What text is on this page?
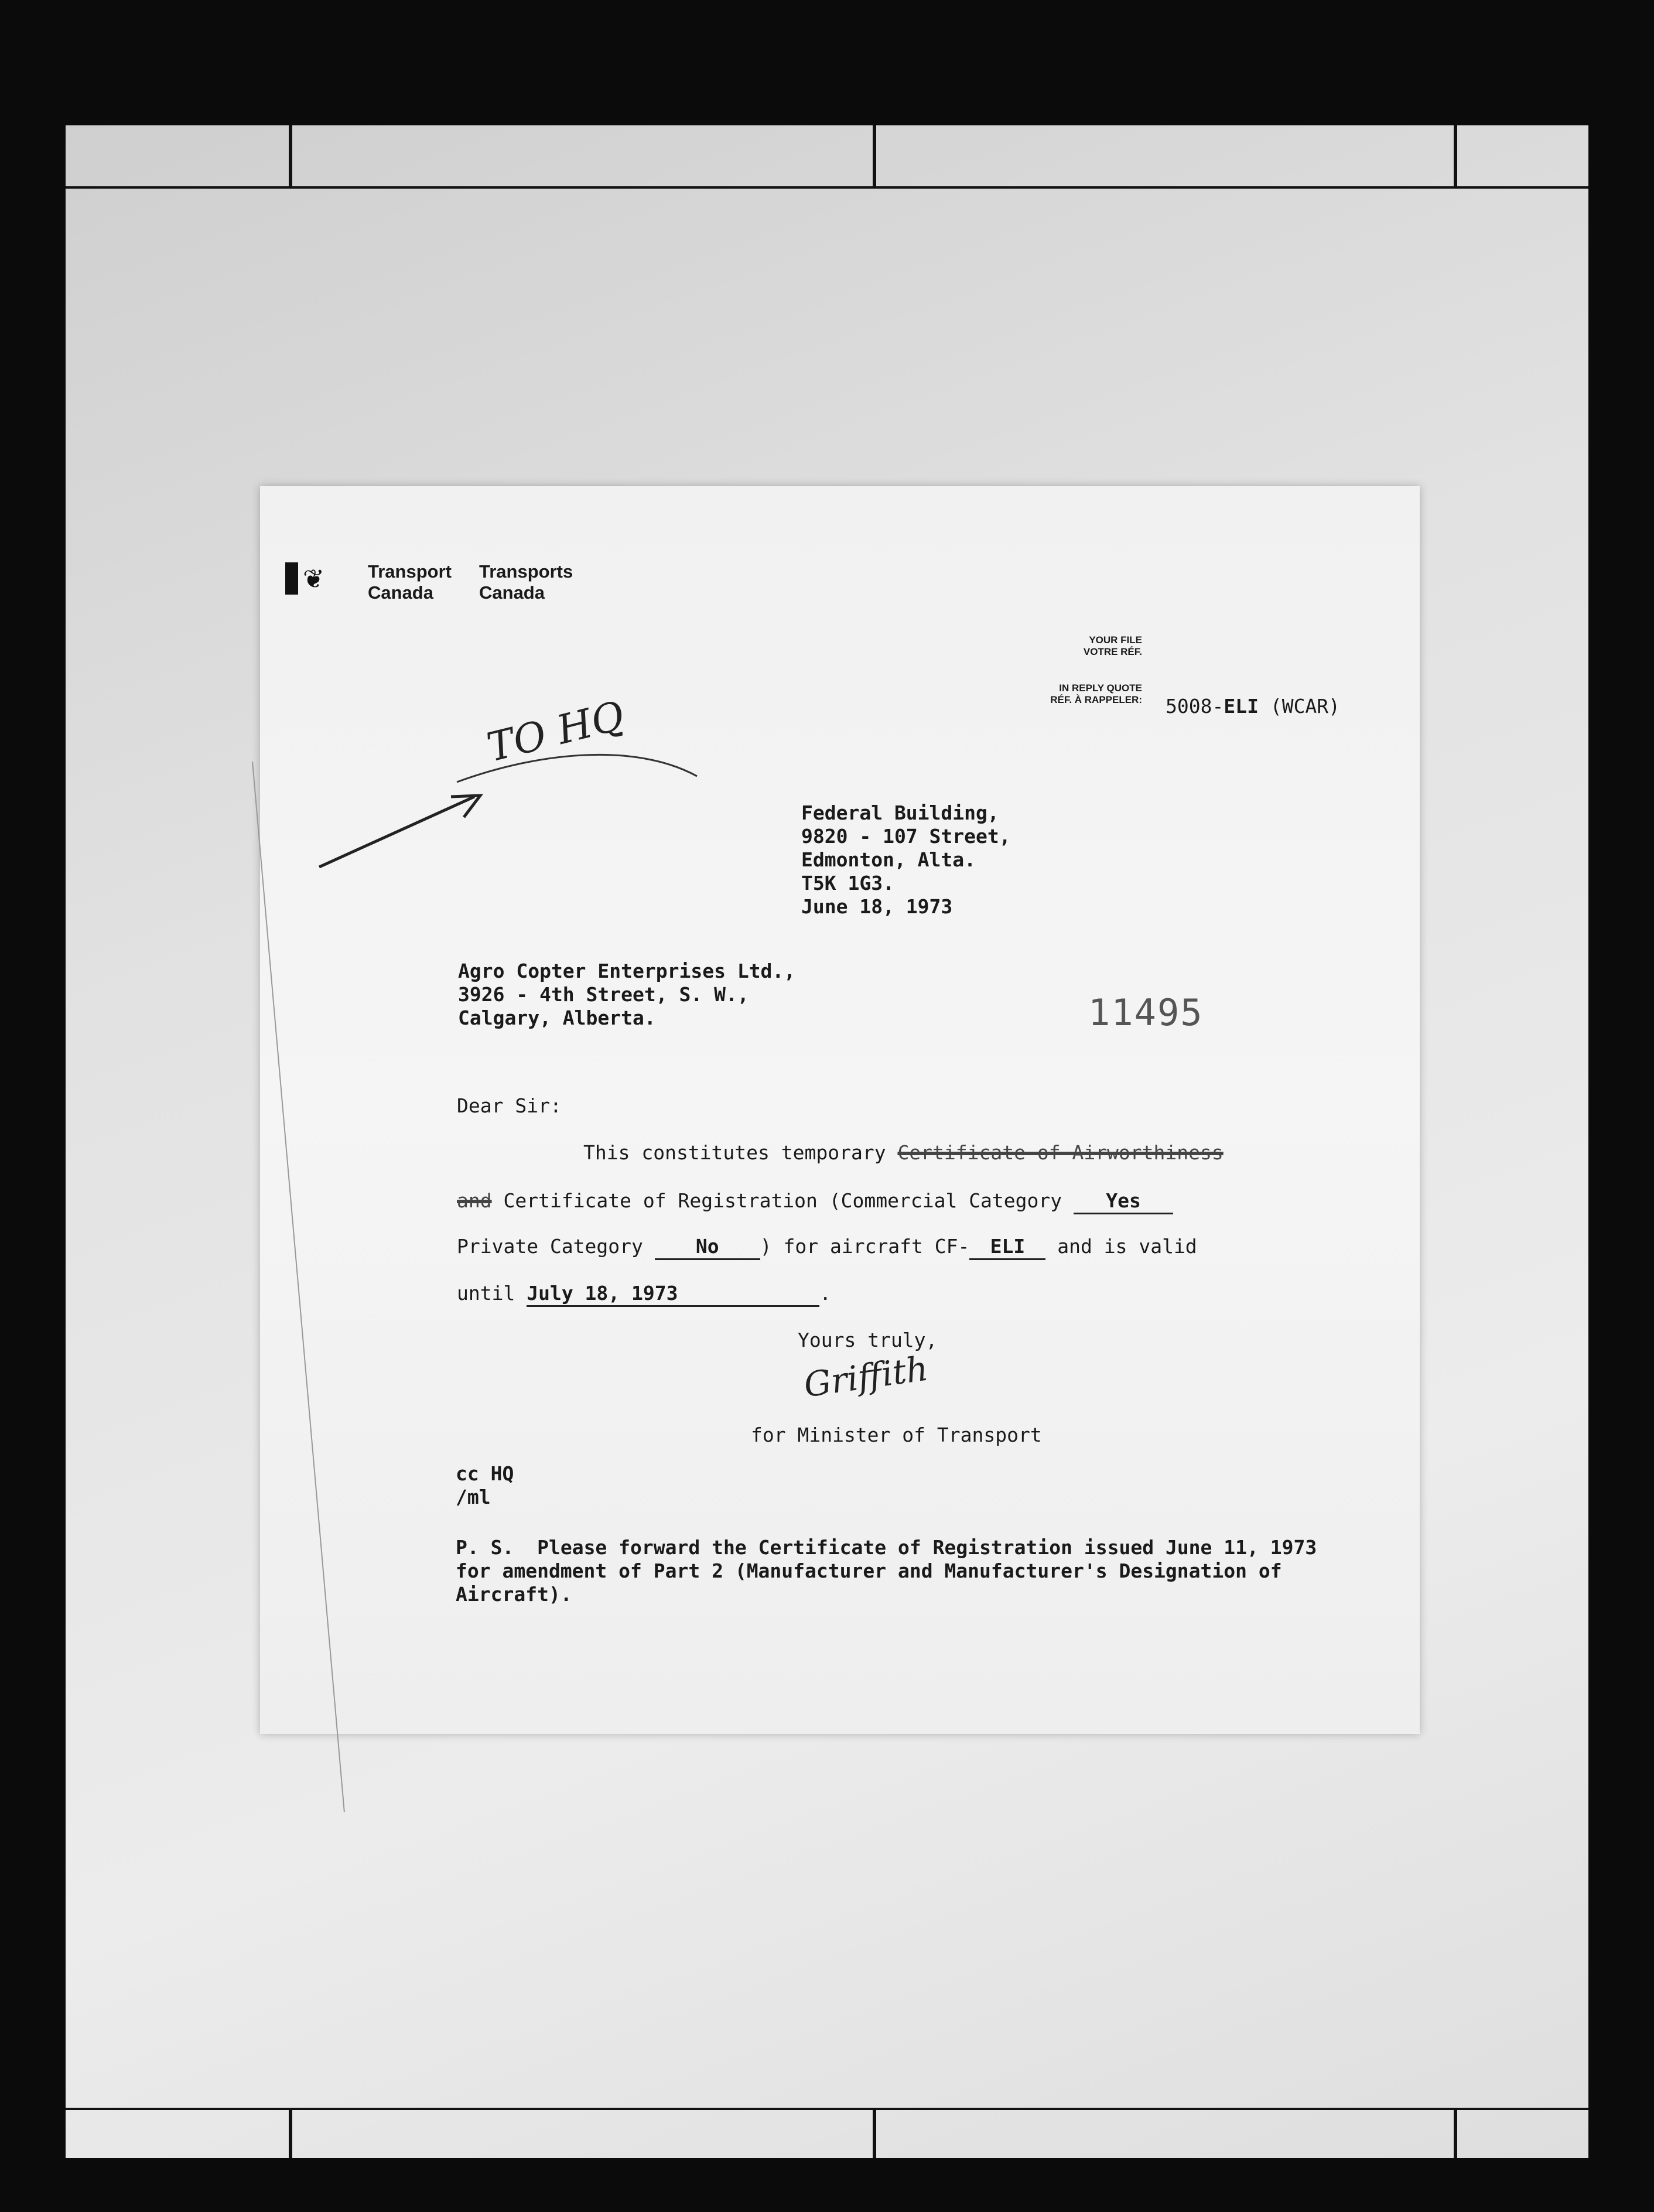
❦ Transport
Canada
Transports
Canada
YOUR FILE
VOTRE RÉF.
IN REPLY QUOTE
RÉF. À RAPPELER: 5008-ELI (WCAR)
TO HQ
Federal Building,
9820 - 107 Street,
Edmonton, Alta.
T5K 1G3.
June 18, 1973
Agro Copter Enterprises Ltd.,
3926 - 4th Street, S. W.,
Calgary, Alberta.	11495
Dear Sir:
This constitutes temporary Certificate of Airworthiness
and Certificate of Registration (Commercial Category Yes
Private Category	No ) for aircraft CF- ELI and is valid
until July 18, 1973	.
Yours truly,
Griffith
for Minister of Transport
cc HQ
/ml
P. S. Please forward the Certificate of Registration issued June 11, 1973
for amendment of Part 2 (Manufacturer and Manufacturer's Designation of
Aircraft).
